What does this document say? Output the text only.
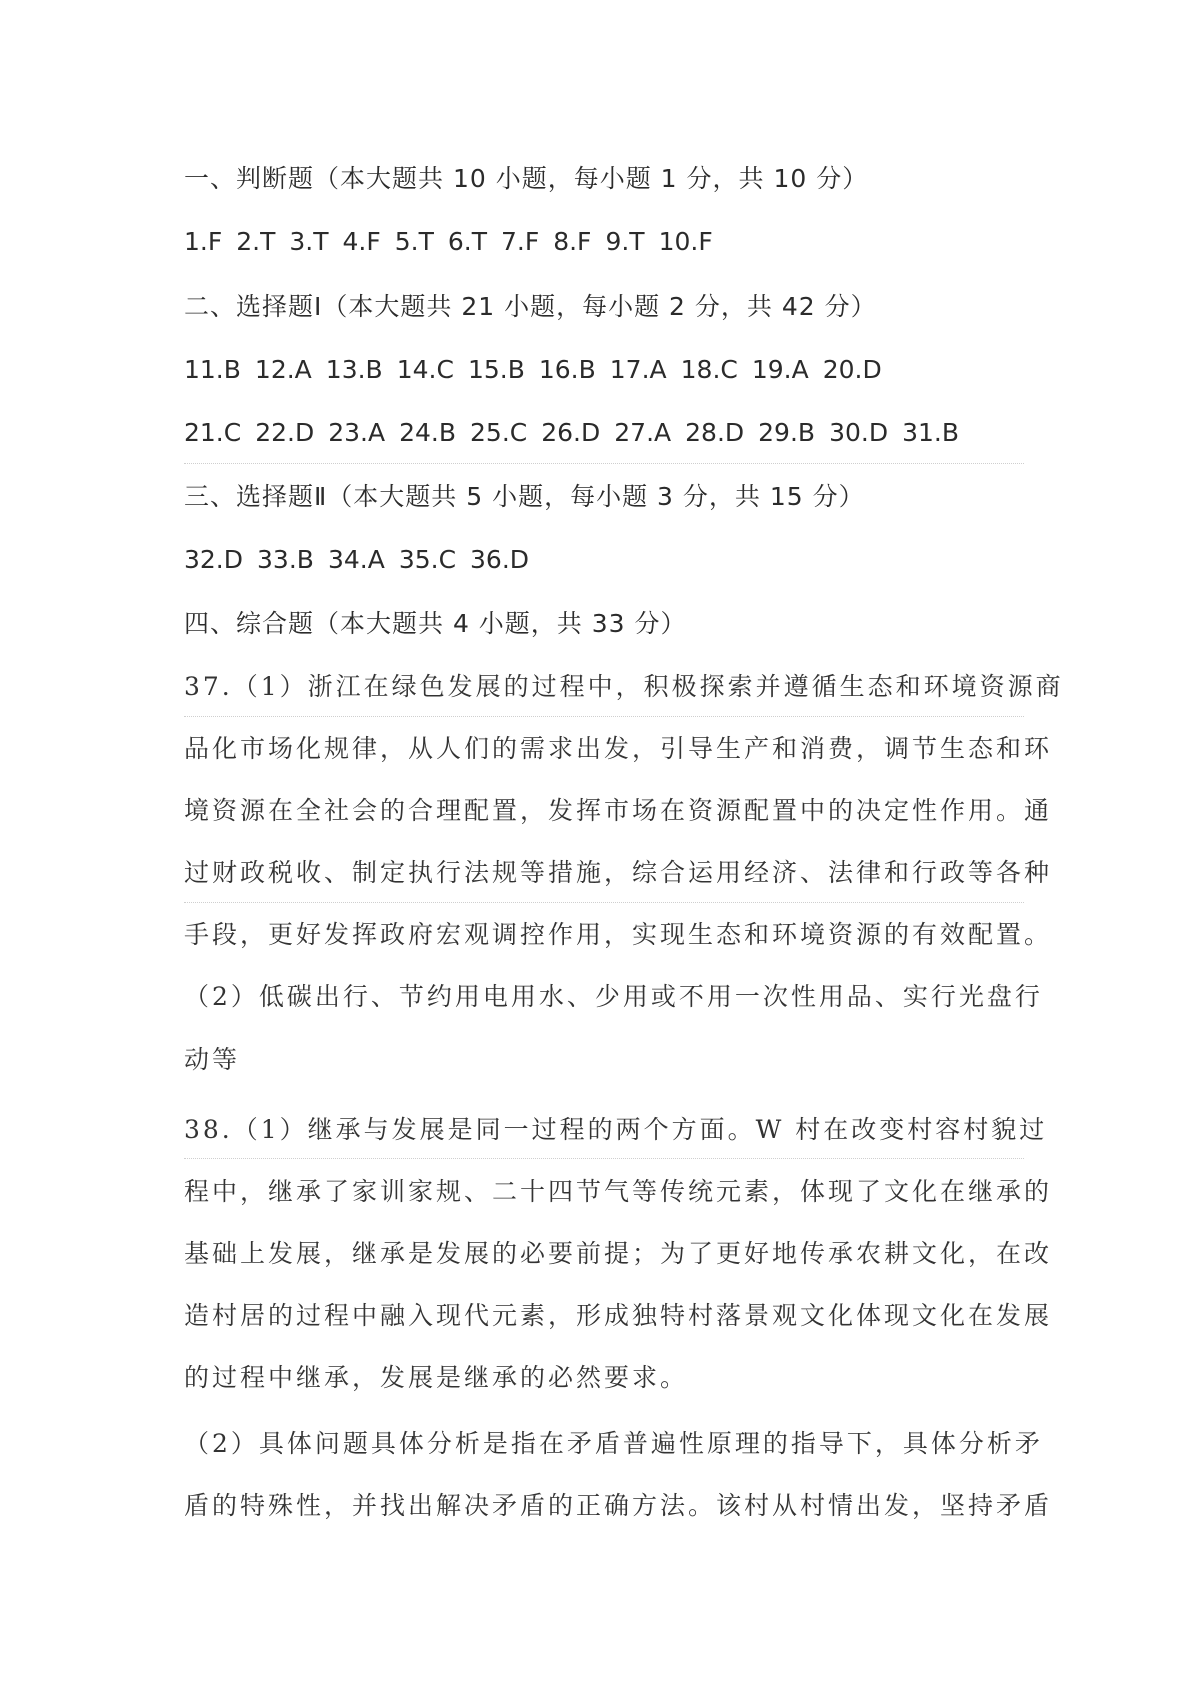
一、判断题（本大题共 10 小题，每小题 1 分，共 10 分）
1.F 2.T 3.T 4.F 5.T 6.T 7.F 8.F 9.T 10.F
二、选择题Ⅰ（本大题共 21 小题，每小题 2 分，共 42 分）
11.B 12.A 13.B 14.C 15.B 16.B 17.A 18.C 19.A 20.D
21.C 22.D 23.A 24.B 25.C 26.D 27.A 28.D 29.B 30.D 31.B
三、选择题Ⅱ（本大题共 5 小题，每小题 3 分，共 15 分）
32.D 33.B 34.A 35.C 36.D
四、综合题（本大题共 4 小题，共 33 分）
37.（1）浙江在绿色发展的过程中，积极探索并遵循生态和环境资源商
品化市场化规律，从人们的需求出发，引导生产和消费，调节生态和环
境资源在全社会的合理配置，发挥市场在资源配置中的决定性作用。通
过财政税收、制定执行法规等措施，综合运用经济、法律和行政等各种
手段，更好发挥政府宏观调控作用，实现生态和环境资源的有效配置。
（2）低碳出行、节约用电用水、少用或不用一次性用品、实行光盘行
动等
38.（1）继承与发展是同一过程的两个方面。W 村在改变村容村貌过
程中，继承了家训家规、二十四节气等传统元素，体现了文化在继承的
基础上发展，继承是发展的必要前提；为了更好地传承农耕文化，在改
造村居的过程中融入现代元素，形成独特村落景观文化体现文化在发展
的过程中继承，发展是继承的必然要求。
（2）具体问题具体分析是指在矛盾普遍性原理的指导下，具体分析矛
盾的特殊性，并找出解决矛盾的正确方法。该村从村情出发，坚持矛盾
